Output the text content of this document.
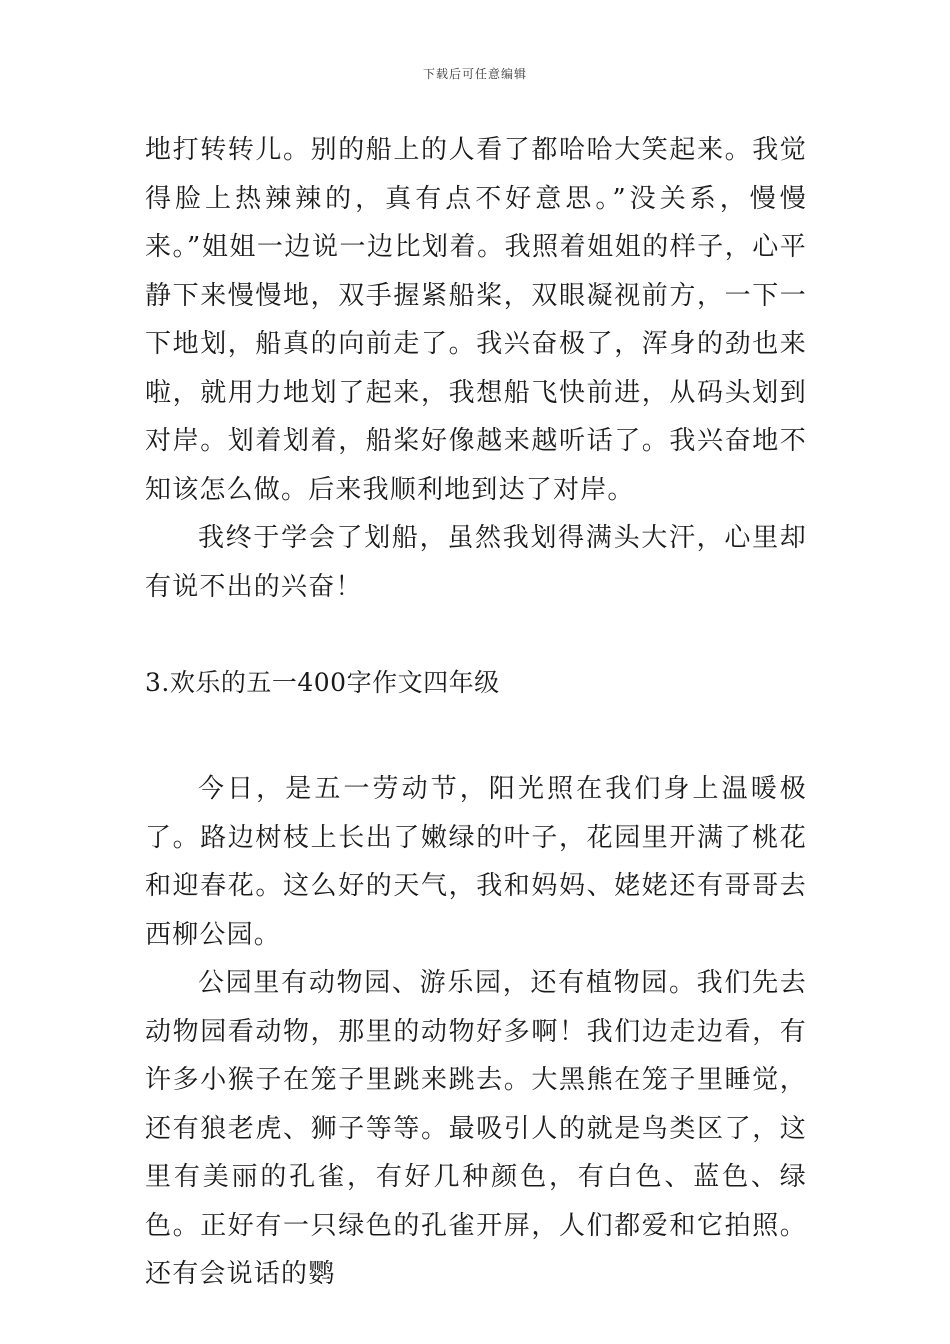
下载后可任意编辑

地打转转儿。别的船上的人看了都哈哈大笑起来。我觉得脸上热辣辣的，真有点不好意思。”没关系，慢慢来。”姐姐一边说一边比划着。我照着姐姐的样子，心平静下来慢慢地，双手握紧船桨，双眼凝视前方，一下一下地划，船真的向前走了。我兴奋极了，浑身的劲也来啦，就用力地划了起来，我想船飞快前进，从码头划到对岸。划着划着，船桨好像越来越听话了。我兴奋地不知该怎么做。后来我顺利地到达了对岸。

我终于学会了划船，虽然我划得满头大汗，心里却有说不出的兴奋！

3.欢乐的五一400字作文四年级

今日，是五一劳动节，阳光照在我们身上温暖极了。路边树枝上长出了嫩绿的叶子，花园里开满了桃花和迎春花。这么好的天气，我和妈妈、姥姥还有哥哥去西柳公园。

公园里有动物园、游乐园，还有植物园。我们先去动物园看动物，那里的动物好多啊！我们边走边看，有许多小猴子在笼子里跳来跳去。大黑熊在笼子里睡觉，还有狼老虎、狮子等等。最吸引人的就是鸟类区了，这里有美丽的孔雀，有好几种颜色，有白色、蓝色、绿色。正好有一只绿色的孔雀开屏，人们都爱和它拍照。还有会说话的鹦
